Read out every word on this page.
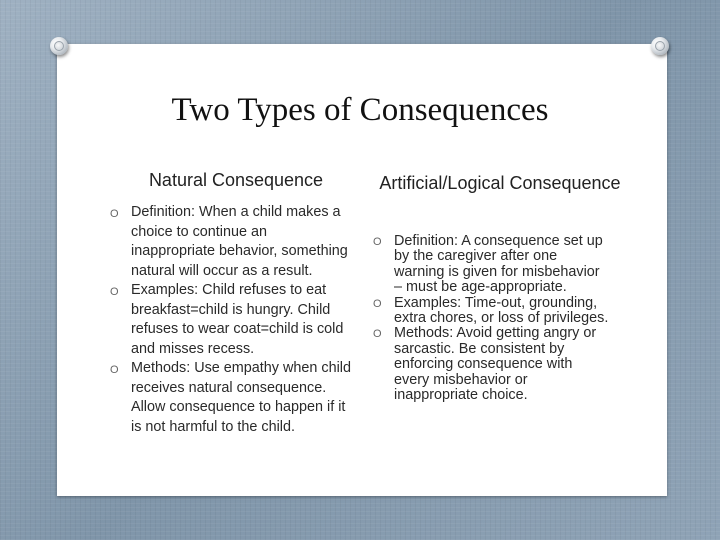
Two Types of Consequences
Natural Consequence	Artificial/Logical Consequence
O Definition: When a child makes a choice to continue an inappropriate behavior, something natural will occur as a result.
O Examples: Child refuses to eat breakfast=child is hungry. Child refuses to wear coat=child is cold and misses recess.
O Methods: Use empathy when child receives natural consequence. Allow consequence to happen if it is not harmful to the child.
O Definition: A consequence set up by the caregiver after one warning is given for misbehavior – must be age-appropriate.
O Examples: Time-out, grounding, extra chores, or loss of privileges.
O Methods: Avoid getting angry or sarcastic. Be consistent by enforcing consequence with every misbehavior or inappropriate choice.
